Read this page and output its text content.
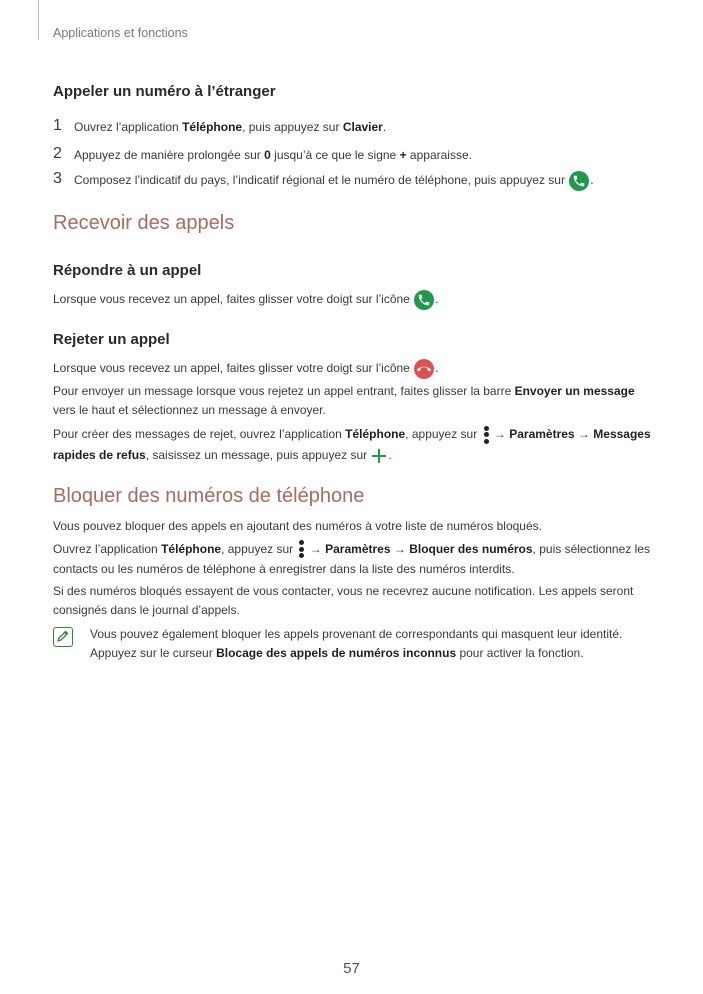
Applications et fonctions
Appeler un numéro à l’étranger
1	Ouvrez l’application Téléphone, puis appuyez sur Clavier.
2	Appuyez de manière prolongée sur 0 jusqu’à ce que le signe + apparaisse.
3	Composez l’indicatif du pays, l’indicatif régional et le numéro de téléphone, puis appuyez sur
.
Recevoir des appels
Répondre à un appel
Lorsque vous recevez un appel, faites glisser votre doigt sur l’icône
.
Rejeter un appel
Lorsque vous recevez un appel, faites glisser votre doigt sur l’icône
.
Pour envoyer un message lorsque vous rejetez un appel entrant, faites glisser la barre Envoyer un message vers le haut et sélectionnez un message à envoyer.
Pour créer des messages de rejet, ouvrez l’application Téléphone, appuyez sur
→ Paramètres → Messages rapides de refus, saisissez un message, puis appuyez sur .
Bloquer des numéros de téléphone
Vous pouvez bloquer des appels en ajoutant des numéros à votre liste de numéros bloqués.
Ouvrez l’application Téléphone, appuyez sur
→ Paramètres → Bloquer des numéros, puis sélectionnez les contacts ou les numéros de téléphone à enregistrer dans la liste des numéros interdits.
Si des numéros bloqués essayent de vous contacter, vous ne recevrez aucune notification. Les appels seront consignés dans le journal d’appels.
Vous pouvez également bloquer les appels provenant de correspondants qui masquent leur identité. Appuyez sur le curseur Blocage des appels de numéros inconnus pour activer la fonction.
57
